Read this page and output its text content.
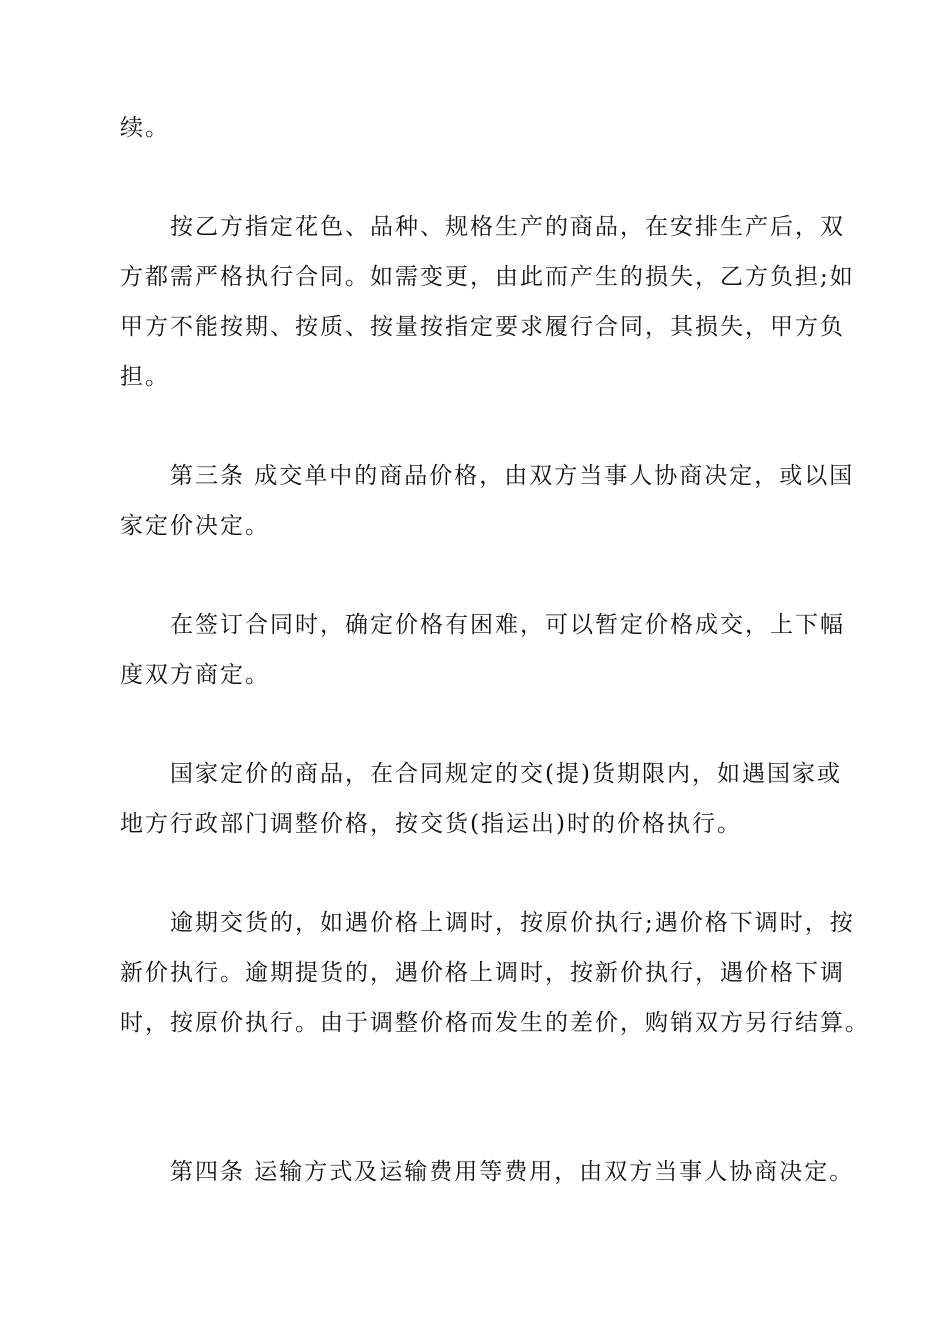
续。
按乙方指定花色、品种、规格生产的商品，在安排生产后，双
方都需严格执行合同。如需变更，由此而产生的损失，乙方负担;如
甲方不能按期、按质、按量按指定要求履行合同，其损失，甲方负
担。
第三条 成交单中的商品价格，由双方当事人协商决定，或以国
家定价决定。
在签订合同时，确定价格有困难，可以暂定价格成交，上下幅
度双方商定。
国家定价的商品，在合同规定的交(提)货期限内，如遇国家或
地方行政部门调整价格，按交货(指运出)时的价格执行。
逾期交货的，如遇价格上调时，按原价执行;遇价格下调时，按
新价执行。逾期提货的，遇价格上调时，按新价执行，遇价格下调
时，按原价执行。由于调整价格而发生的差价，购销双方另行结算。
第四条 运输方式及运输费用等费用，由双方当事人协商决定。
